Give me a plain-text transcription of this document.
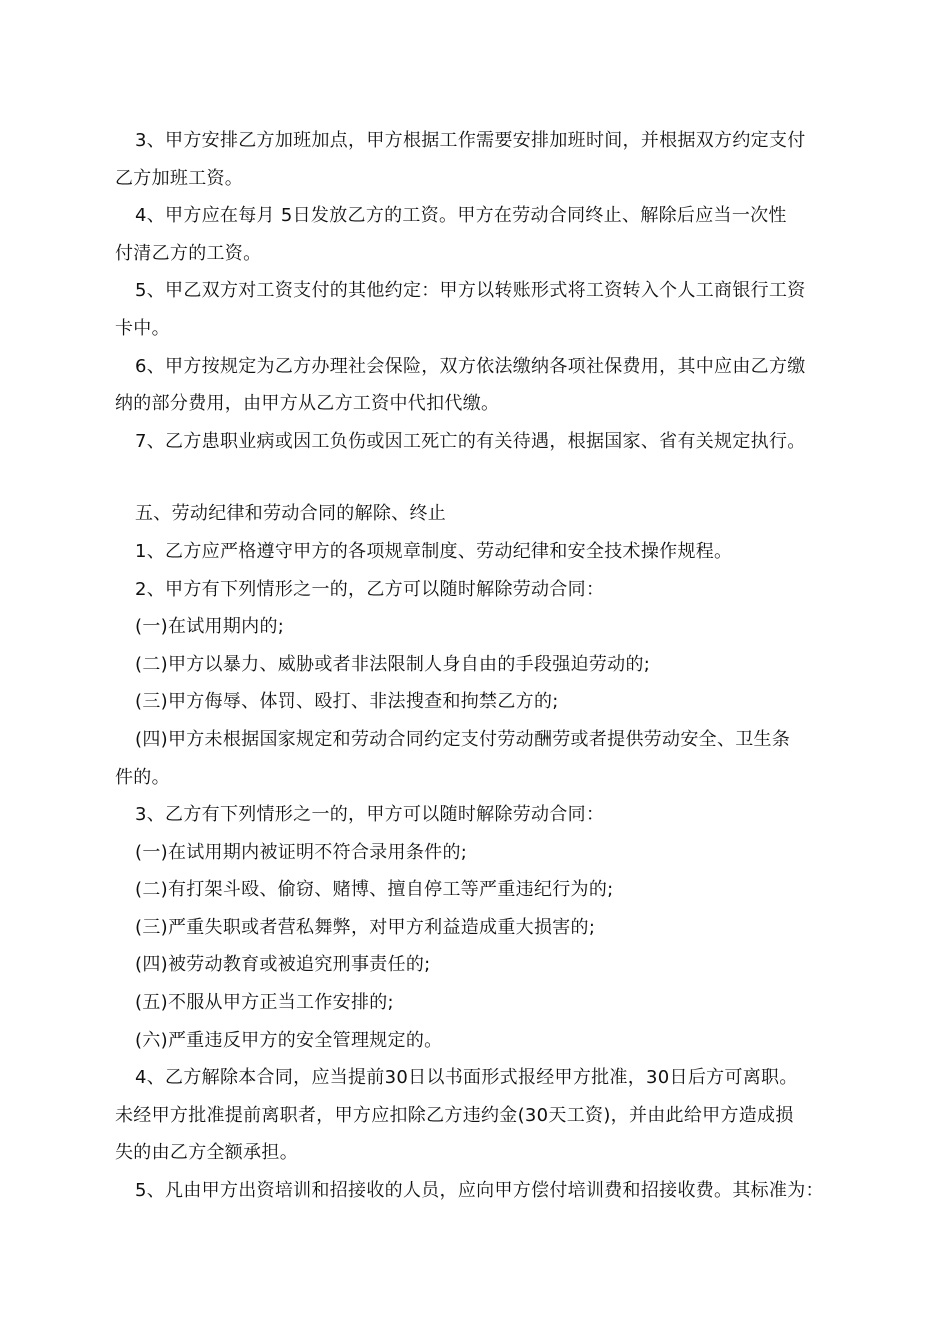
3、甲方安排乙方加班加点，甲方根据工作需要安排加班时间，并根据双方约定支付
乙方加班工资。
4、甲方应在每月 5日发放乙方的工资。甲方在劳动合同终止、解除后应当一次性
付清乙方的工资。
5、甲乙双方对工资支付的其他约定：甲方以转账形式将工资转入个人工商银行工资
卡中。
6、甲方按规定为乙方办理社会保险，双方依法缴纳各项社保费用，其中应由乙方缴
纳的部分费用，由甲方从乙方工资中代扣代缴。
7、乙方患职业病或因工负伤或因工死亡的有关待遇，根据国家、省有关规定执行。
五、劳动纪律和劳动合同的解除、终止
1、乙方应严格遵守甲方的各项规章制度、劳动纪律和安全技术操作规程。
2、甲方有下列情形之一的，乙方可以随时解除劳动合同：
(一)在试用期内的;
(二)甲方以暴力、威胁或者非法限制人身自由的手段强迫劳动的;
(三)甲方侮辱、体罚、殴打、非法搜查和拘禁乙方的;
(四)甲方未根据国家规定和劳动合同约定支付劳动酬劳或者提供劳动安全、卫生条
件的。
3、乙方有下列情形之一的，甲方可以随时解除劳动合同：
(一)在试用期内被证明不符合录用条件的;
(二)有打架斗殴、偷窃、赌博、擅自停工等严重违纪行为的;
(三)严重失职或者营私舞弊，对甲方利益造成重大损害的;
(四)被劳动教育或被追究刑事责任的;
(五)不服从甲方正当工作安排的;
(六)严重违反甲方的安全管理规定的。
4、乙方解除本合同，应当提前30日以书面形式报经甲方批准，30日后方可离职。
未经甲方批准提前离职者，甲方应扣除乙方违约金(30天工资)，并由此给甲方造成损
失的由乙方全额承担。
5、凡由甲方出资培训和招接收的人员，应向甲方偿付培训费和招接收费。其标准为：
